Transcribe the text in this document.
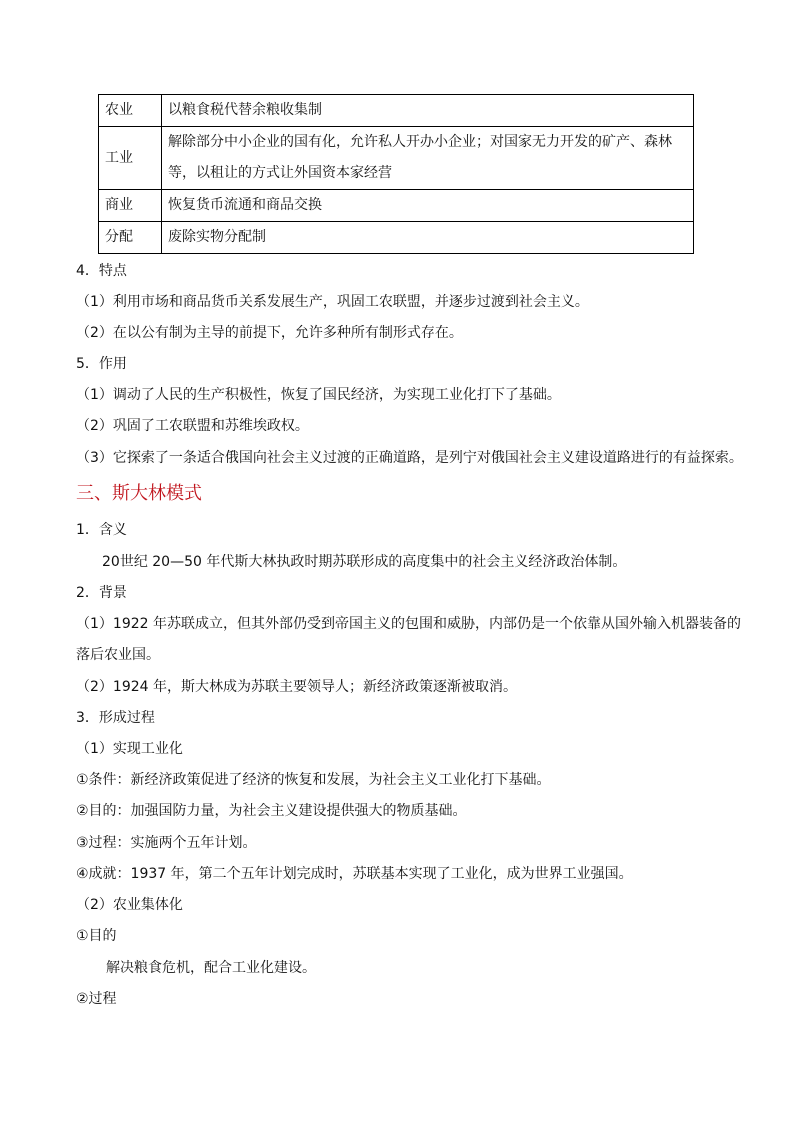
农业	以粮食税代替余粮收集制
工业	解除部分中小企业的国有化，允许私人开办小企业；对国家无力开发的矿产、森林等，以租让的方式让外国资本家经营
商业	恢复货币流通和商品交换
分配	废除实物分配制
4．特点
（1）利用市场和商品货币关系发展生产，巩固工农联盟，并逐步过渡到社会主义。
（2）在以公有制为主导的前提下，允许多种所有制形式存在。
5．作用
（1）调动了人民的生产积极性，恢复了国民经济，为实现工业化打下了基础。
（2）巩固了工农联盟和苏维埃政权。
（3）它探索了一条适合俄国向社会主义过渡的正确道路，是列宁对俄国社会主义建设道路进行的有益探索。
三、斯大林模式
1．含义
20世纪 20—50 年代斯大林执政时期苏联形成的高度集中的社会主义经济政治体制。
2．背景
（1）1922 年苏联成立，但其外部仍受到帝国主义的包围和威胁，内部仍是一个依靠从国外输入机器装备的
落后农业国。
（2）1924 年，斯大林成为苏联主要领导人；新经济政策逐渐被取消。
3．形成过程
（1）实现工业化
①条件：新经济政策促进了经济的恢复和发展，为社会主义工业化打下基础。
②目的：加强国防力量，为社会主义建设提供强大的物质基础。
③过程：实施两个五年计划。
④成就：1937 年，第二个五年计划完成时，苏联基本实现了工业化，成为世界工业强国。
（2）农业集体化
①目的
解决粮食危机，配合工业化建设。
②过程
